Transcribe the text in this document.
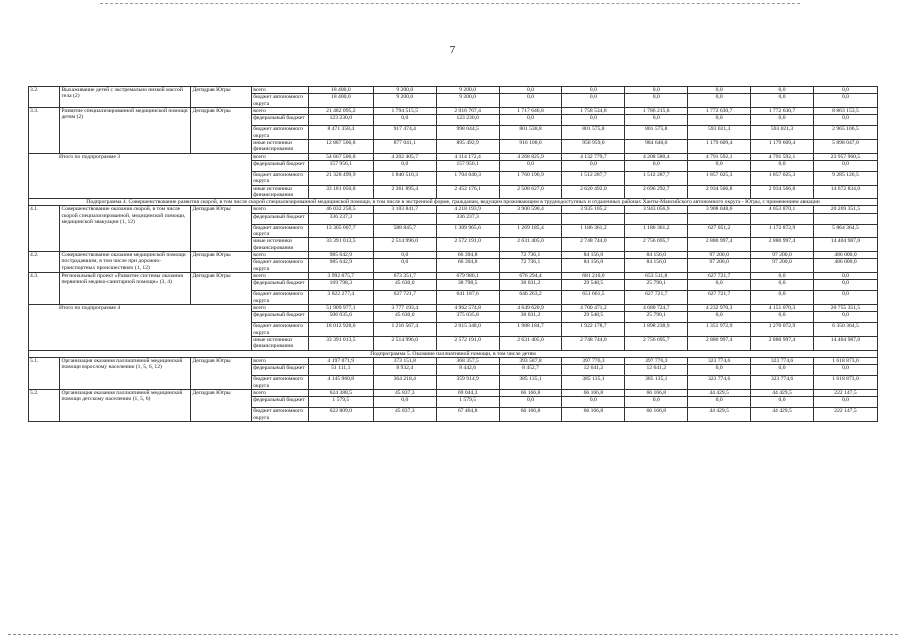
7
3.2.	Выхаживание детей с экстремально низкой массой тела (2)	Депздрав Югры	всего	18 400,0	9 200,0	9 200,0	0,0	0,0	0,0	0,0	0,0	0,0
			бюджет автономного округа	18 400,0	9 200,0	9 200,0	0,0	0,0	0,0	0,0	0,0	0,0
3.3.	Развитие специализированной медицинской помощи детям (2)	Депздрав Югры	всего	21 482 095,2	1 794 515,5	2 016 767,4	1 717 646,8	1 758 534,8	1 786 215,8	1 772 630,7	1 772 630,7	8 863 153,5
			федеральный бюджет	123 230,0	0,0	123 230,0	0,0	0,0	0,0	0,0	0,0	0,0
			бюджет автономного округа	8 471 358,4	917 474,4	998 044,5	801 538,8	801 575,8	801 575,8	593 021,3	593 021,3	2 965 106,5
			иные источники финансирования	12 887 506,8	877 041,1	895 492,9	916 108,0	956 959,0	984 640,0	1 179 609,4	1 179 609,4	5 898 047,0
Итого по подпрограмме 3			всего	54 667 506,8	4 202 405,7	4 114 172,4	4 268 825,9	4 132 779,7	4 208 580,4	4 791 592,1	4 791 592,1	23 957 960,5
			федеральный бюджет	157 956,1	0,0	157 956,1	0,0	0,0	0,0	0,0	0,0	0,0
			бюджет автономного округа	21 328 499,9	1 840 510,3	1 704 040,3	1 760 196,9	1 512 287,7	1 512 287,7	1 857 025,3	1 857 025,3	9 285 126,5
			иные источники финансирования	33 181 050,8	2 361 895,4	2 452 176,1	2 508 627,0	2 620 492,0	2 696 292,7	2 934 566,8	2 934 566,8	14 672 834,0
Подпрограмма 4. Совершенствование развития скорой, в том числе скорой специализированной медицинской помощи, в том числе в экстренной форме, гражданам, ведущим проживающим в труднодоступных и отдаленных районах Ханты-Мансийского автономного округа - Югры, с применением авиации												
4.1.	Совершенствование оказания скорой, в том числе скорой специализированной, медицинской помощи, медицинской эвакуации (1, 12)	Депздрав Югры	всего	46 032 258,5	3 103 841,7	4 218 193,9	3 900 590,4	3 935 105,2	3 943 056,9	3 908 048,6	4 053 870,1	20 269 351,5
			федеральный бюджет	336 237,3		336 237,3						
			бюджет автономного округа	13 305 007,7	588 845,7	1 309 965,6	1 269 185,4	1 186 361,2	1 186 361,2	627 051,2	1 172 872,9	5 864 364,5
			иные источники финансирования	33 391 013,5	2 514 996,0	2 572 191,0	2 631 405,0	2 748 744,0	2 756 695,7	2 880 997,4	2 880 997,4	14 404 987,0
4.2.	Совершенствование оказания медицинской помощи пострадавшим, в том числе при дорожно-транспортных происшествиях (1, 12)	Депздрав Югры	всего	985 642,9	0,0	66 394,8	72 736,1	84 156,0	84 156,0	97 200,0	97 200,0	486 000,0
			бюджет автономного округа	985 642,9	0,0	66 394,8	72 736,1	84 156,0	84 156,0	97 200,0	97 200,0	486 000,0
4.3.	Региональный проект «Развитие системы оказания первичной медико-санитарной помощи» (3, 4)	Депздрав Югры	всего	3 992 075,7	673 351,7	679 986,1	676 294,4	681 210,0	653 511,8	627 721,7	0,0	0,0
			федеральный бюджет	169 798,3	45 630,0	38 798,5	30 031,2	29 548,5	25 790,1	0,0	0,0	0,0
			бюджет автономного округа	3 822 277,4	627 721,7	641 187,6	646 263,2	651 661,5	627 721,7	627 721,7	0,0	0,0
Итого по подпрограмме 4			всего	51 909 977,1	3 777 193,4	4 962 574,8	4 649 620,9	4 700 471,2	4 680 724,7	4 232 970,3	4 151 070,3	20 755 351,5
			федеральный бюджет	506 035,6	45 630,0	375 035,8	30 031,2	29 548,5	25 790,1	0,0	0,0	0,0
			бюджет автономного округа	18 012 928,0	1 216 567,4	2 015 348,0	1 988 184,7	1 922 178,7	1 898 238,9	1 351 972,9	1 270 072,9	6 350 364,5
			иные источники финансирования	33 391 013,5	2 514 996,0	2 572 191,0	2 631 405,0	2 748 744,0	2 756 695,7	2 880 997,4	2 880 997,4	14 404 987,0
Подпрограмма 5. Оказание паллиативной помощи, в том числе детям												
5.1.	Организация оказания паллиативной медицинской помощи взрослому населению (1, 5, 6, 12)	Депздрав Югры	всего	4 197 071,9	373 151,8	368 357,5	393 587,8	397 776,3	397 776,3	323 774,6	323 774,6	1 618 873,0
			федеральный бюджет	51 111,1	8 932,4	8 442,6	8 452,7	12 641,2	12 641,2	0,0	0,0	0,0
			бюджет автономного округа	4 145 960,8	364 218,4	359 914,9	385 135,1	385 135,1	385 135,1	323 774,6	323 774,6	1 618 873,0
5.2.	Организация оказания паллиативной медицинской помощи детскому населению (1, 5, 6)	Депздрав Югры	всего	624 388,5	45 837,3	69 044,3	66 166,8	66 166,8	66 166,8	44 429,5	44 429,5	222 147,5
			федеральный бюджет	1 579,5	0,0	1 579,5	0,0	0,0	0,0	0,0	0,0	0,0
			бюджет автономного округа	622 809,0	45 837,3	67 464,8	66 166,8	66 166,8	66 166,8	44 429,5	44 429,5	222 147,5
